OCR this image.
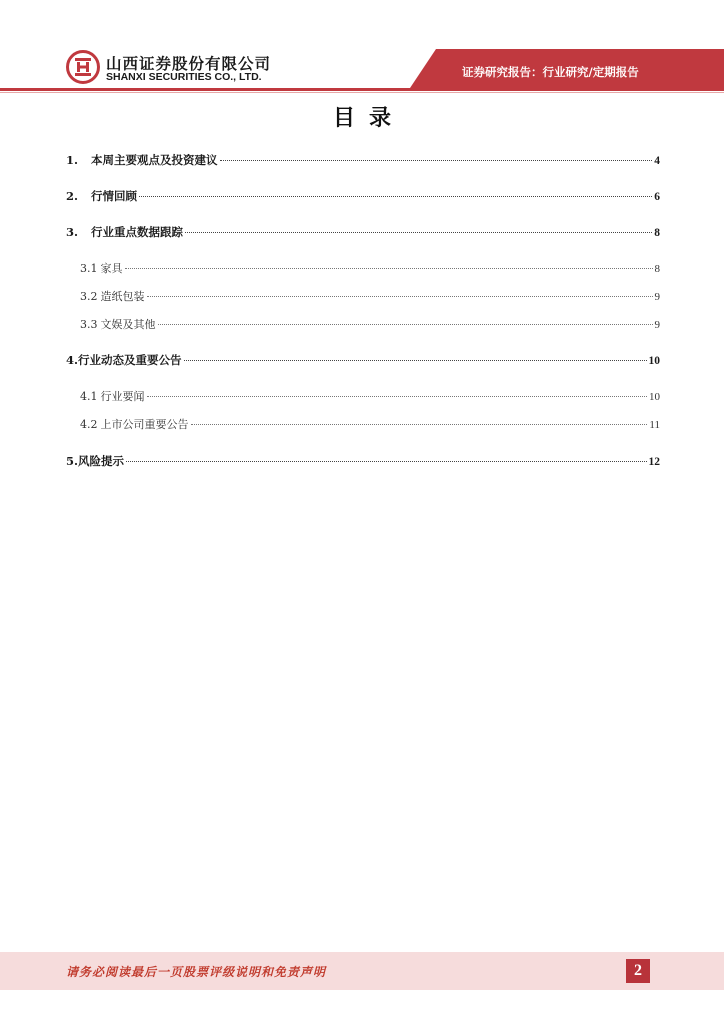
山西证券股份有限公司
SHANXI SECURITIES CO., LTD.	证券研究报告：行业研究/定期报告
目录
1.	本周主要观点及投资建议	4
2.	行情回顾	6
3.	行业重点数据跟踪	8
3.1 家具	8
3.2 造纸包装	9
3.3 文娱及其他	9
4. 行业动态及重要公告	10
4.1 行业要闻	10
4.2 上市公司重要公告	11
5. 风险提示	12
请务必阅读最后一页股票评级说明和免责声明	2
